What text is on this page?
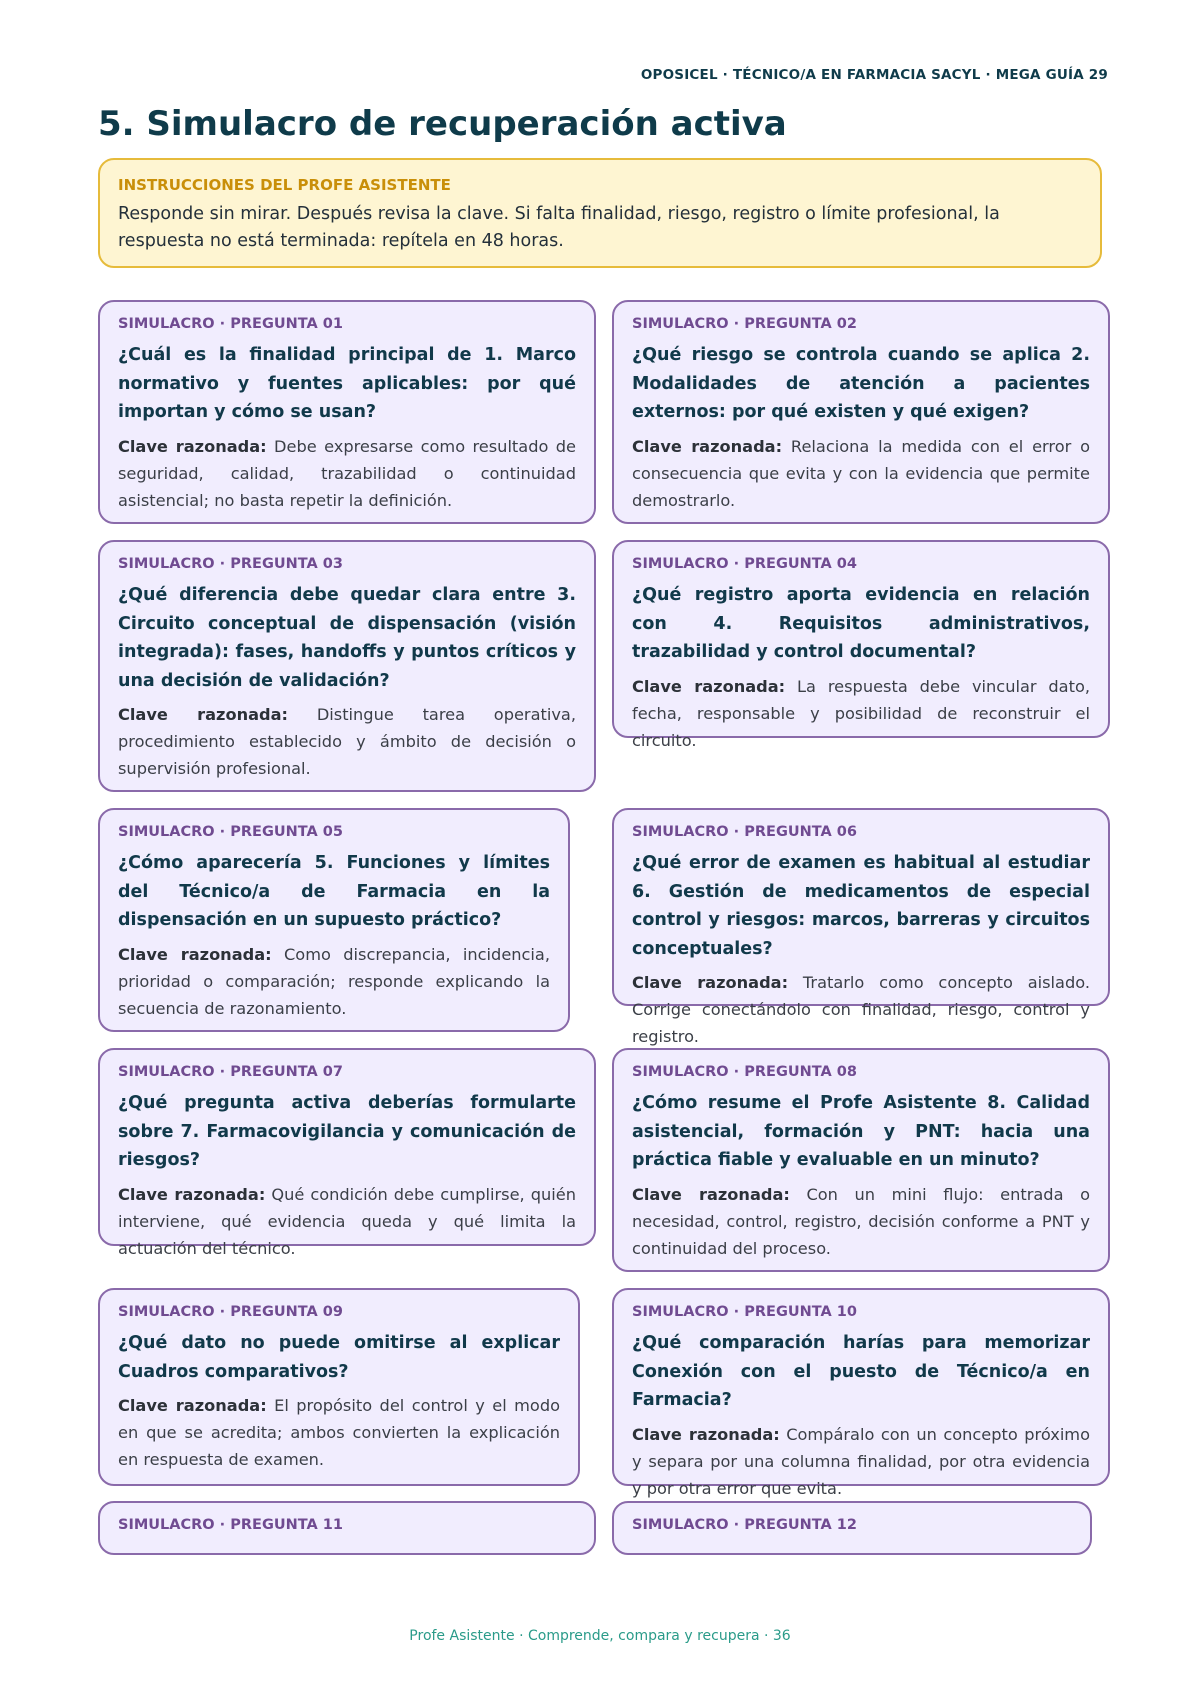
OPOSICEL · TÉCNICO/A EN FARMACIA SACYL · MEGA GUÍA 29
5. Simulacro de recuperación activa
INSTRUCCIONES DEL PROFE ASISTENTE
Responde sin mirar. Después revisa la clave. Si falta finalidad, riesgo, registro o límite profesional, la respuesta no está terminada: repítela en 48 horas.
SIMULACRO · PREGUNTA 01
¿Cuál es la finalidad principal de 1. Marco normativo y fuentes aplicables: por qué importan y cómo se usan?
Clave razonada: Debe expresarse como resultado de seguridad, calidad, trazabilidad o continuidad asistencial; no basta repetir la definición.
SIMULACRO · PREGUNTA 02
¿Qué riesgo se controla cuando se aplica 2. Modalidades de atención a pacientes externos: por qué existen y qué exigen?
Clave razonada: Relaciona la medida con el error o consecuencia que evita y con la evidencia que permite demostrarlo.
SIMULACRO · PREGUNTA 03
¿Qué diferencia debe quedar clara entre 3. Circuito conceptual de dispensación (visión integrada): fases, handoffs y puntos críticos y una decisión de validación?
Clave razonada: Distingue tarea operativa, procedimiento establecido y ámbito de decisión o supervisión profesional.
SIMULACRO · PREGUNTA 04
¿Qué registro aporta evidencia en relación con 4. Requisitos administrativos, trazabilidad y control documental?
Clave razonada: La respuesta debe vincular dato, fecha, responsable y posibilidad de reconstruir el circuito.
SIMULACRO · PREGUNTA 05
¿Cómo aparecería 5. Funciones y límites del Técnico/a de Farmacia en la dispensación en un supuesto práctico?
Clave razonada: Como discrepancia, incidencia, prioridad o comparación; responde explicando la secuencia de razonamiento.
SIMULACRO · PREGUNTA 06
¿Qué error de examen es habitual al estudiar 6. Gestión de medicamentos de especial control y riesgos: marcos, barreras y circuitos conceptuales?
Clave razonada: Tratarlo como concepto aislado. Corrige conectándolo con finalidad, riesgo, control y registro.
SIMULACRO · PREGUNTA 07
¿Qué pregunta activa deberías formularte sobre 7. Farmacovigilancia y comunicación de riesgos?
Clave razonada: Qué condición debe cumplirse, quién interviene, qué evidencia queda y qué limita la actuación del técnico.
SIMULACRO · PREGUNTA 08
¿Cómo resume el Profe Asistente 8. Calidad asistencial, formación y PNT: hacia una práctica fiable y evaluable en un minuto?
Clave razonada: Con un mini flujo: entrada o necesidad, control, registro, decisión conforme a PNT y continuidad del proceso.
SIMULACRO · PREGUNTA 09
¿Qué dato no puede omitirse al explicar Cuadros comparativos?
Clave razonada: El propósito del control y el modo en que se acredita; ambos convierten la explicación en respuesta de examen.
SIMULACRO · PREGUNTA 10
¿Qué comparación harías para memorizar Conexión con el puesto de Técnico/a en Farmacia?
Clave razonada: Compáralo con un concepto próximo y separa por una columna finalidad, por otra evidencia y por otra error que evita.
SIMULACRO · PREGUNTA 11	SIMULACRO · PREGUNTA 12
Profe Asistente · Comprende, compara y recupera · 36
